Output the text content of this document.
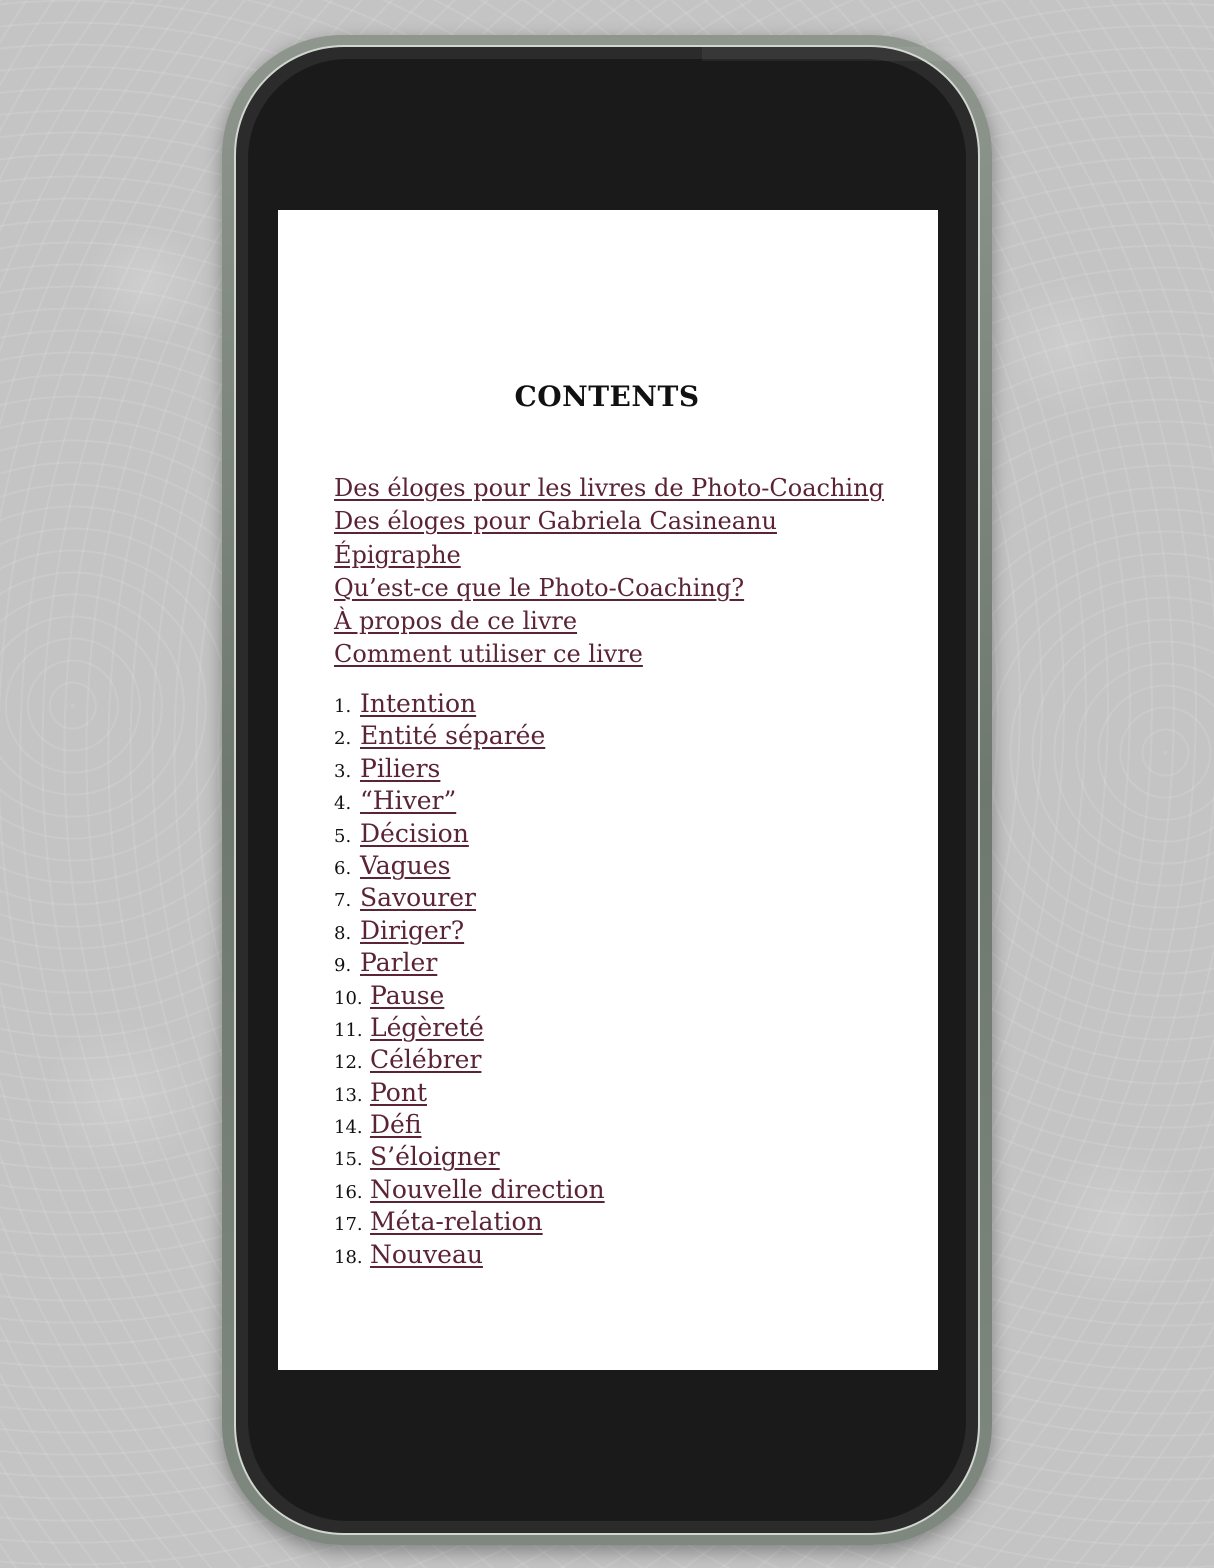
CONTENTS
Des éloges pour les livres de Photo-Coaching
Des éloges pour Gabriela Casineanu
Épigraphe
Qu’est-ce que le Photo-Coaching?
À propos de ce livre
Comment utiliser ce livre
1. Intention
2. Entité séparée
3. Piliers
4. “Hiver”
5. Décision
6. Vagues
7. Savourer
8. Diriger?
9. Parler
10. Pause
11. Légèreté
12. Célébrer
13. Pont
14. Défi
15. S’éloigner
16. Nouvelle direction
17. Méta-relation
18. Nouveau
